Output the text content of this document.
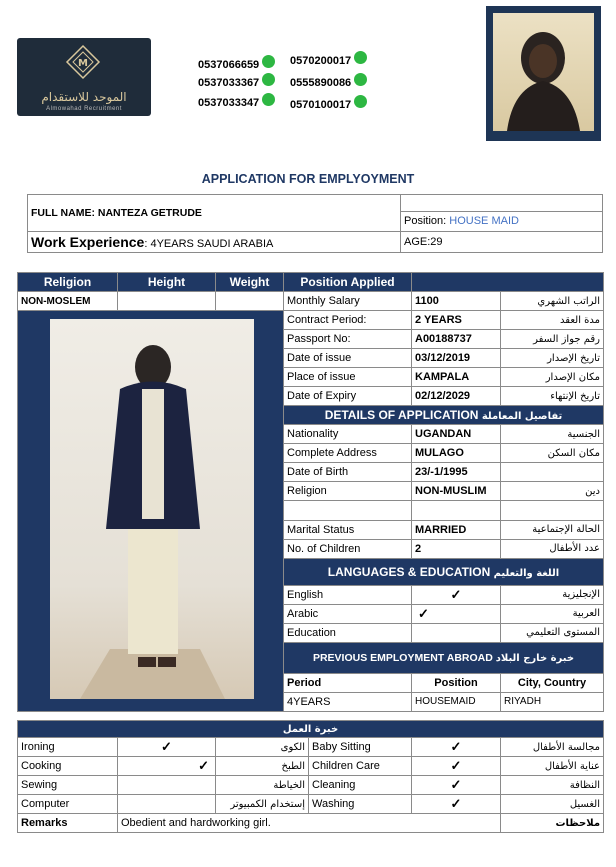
M
الموحد للاستقدام
Almowahad Recruitment
0537066659
0537033367
0537033347
0570200017
0555890086
0570100017
APPLICATION FOR EMPLYOYMENT
FULL NAME: NANTEZA GETRUDE	
	Position: HOUSE MAID
Work Experience: 4YEARS SAUDI ARABIA	AGE:29
Religion	Height	Weight	Position Applied		
NON-MOSLEM			Monthly Salary	1100	الراتب الشهري

	Contract Period:	2 YEARS	مدة العقد
			Passport No:	A00188737	رقم جواز السفر
			Date of issue	03/12/2019	تاريخ الإصدار
			Place of issue	KAMPALA	مكان الإصدار
			Date of Expiry	02/12/2029	تاريخ الإنتهاء
			DETAILS OF APPLICATION تفاصيل المعاملة		
			Nationality	UGANDAN	الجنسية
			Complete Address	MULAGO	مكان السكن
			Date of Birth	23/-1/1995	
			Religion	NON-MUSLIM	دين

			Marital Status	MARRIED	الحالة الإجتماعية
			No. of Children	2	عدد الأطفال
			LANGUAGES & EDUCATION اللغة والتعليم		
			English	✓	الإنجليزية
			Arabic	✓	العربية
			Education		المستوى التعليمي
			PREVIOUS EMPLOYMENT ABROAD خبرة خارج البلاد		
			Period	Position	City, Country
			4YEARS	HOUSEMAID	RIYADH
خبرة العمل					
Ironing	✓	الكوى	Baby Sitting	✓	مجالسة الأطفال
Cooking	✓	الطبخ	Children Care	✓	عناية الأطفال
Sewing		الخياطة	Cleaning	✓	النظافة
Computer		إستخدام الكمبيوتر	Washing	✓	الغسيل
Remarks	Obedient and hardworking girl.				ملاحظات
